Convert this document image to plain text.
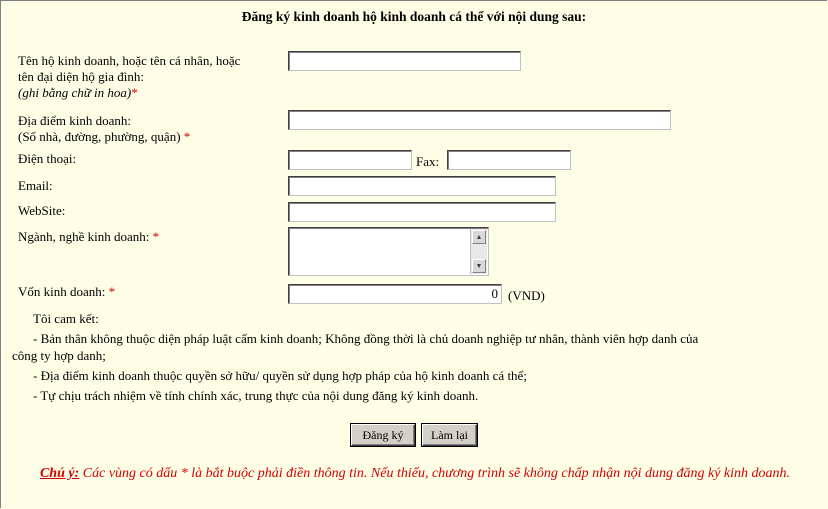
Đăng ký kinh doanh hộ kinh doanh cá thể với nội dung sau:
Tên hộ kinh doanh, hoặc tên cá nhân, hoặc
tên đại diện hộ gia đình:
(ghi bằng chữ in hoa)*
Địa điểm kinh doanh:
(Số nhà, đường, phường, quận) *
Điện thoại:	Fax:
Email:
WebSite:
Ngành, nghề kinh doanh: *	▲
▼
Vốn kinh doanh: *
0	(VND)
Tôi cam kết:
- Bản thân không thuộc diện pháp luật cấm kinh doanh; Không đồng thời là chủ doanh nghiệp tư nhân, thành viên hợp danh của
công ty hợp danh;
- Địa điểm kinh doanh thuộc quyền sở hữu/ quyền sử dụng hợp pháp của hộ kinh doanh cá thể;
- Tự chịu trách nhiệm về tính chính xác, trung thực của nội dung đăng ký kinh doanh.
Đăng ký	Làm lại
Chú ý: Các vùng có dấu * là bắt buộc phải điền thông tin. Nếu thiếu, chương trình sẽ không chấp nhận nội dung đăng ký kinh doanh.
